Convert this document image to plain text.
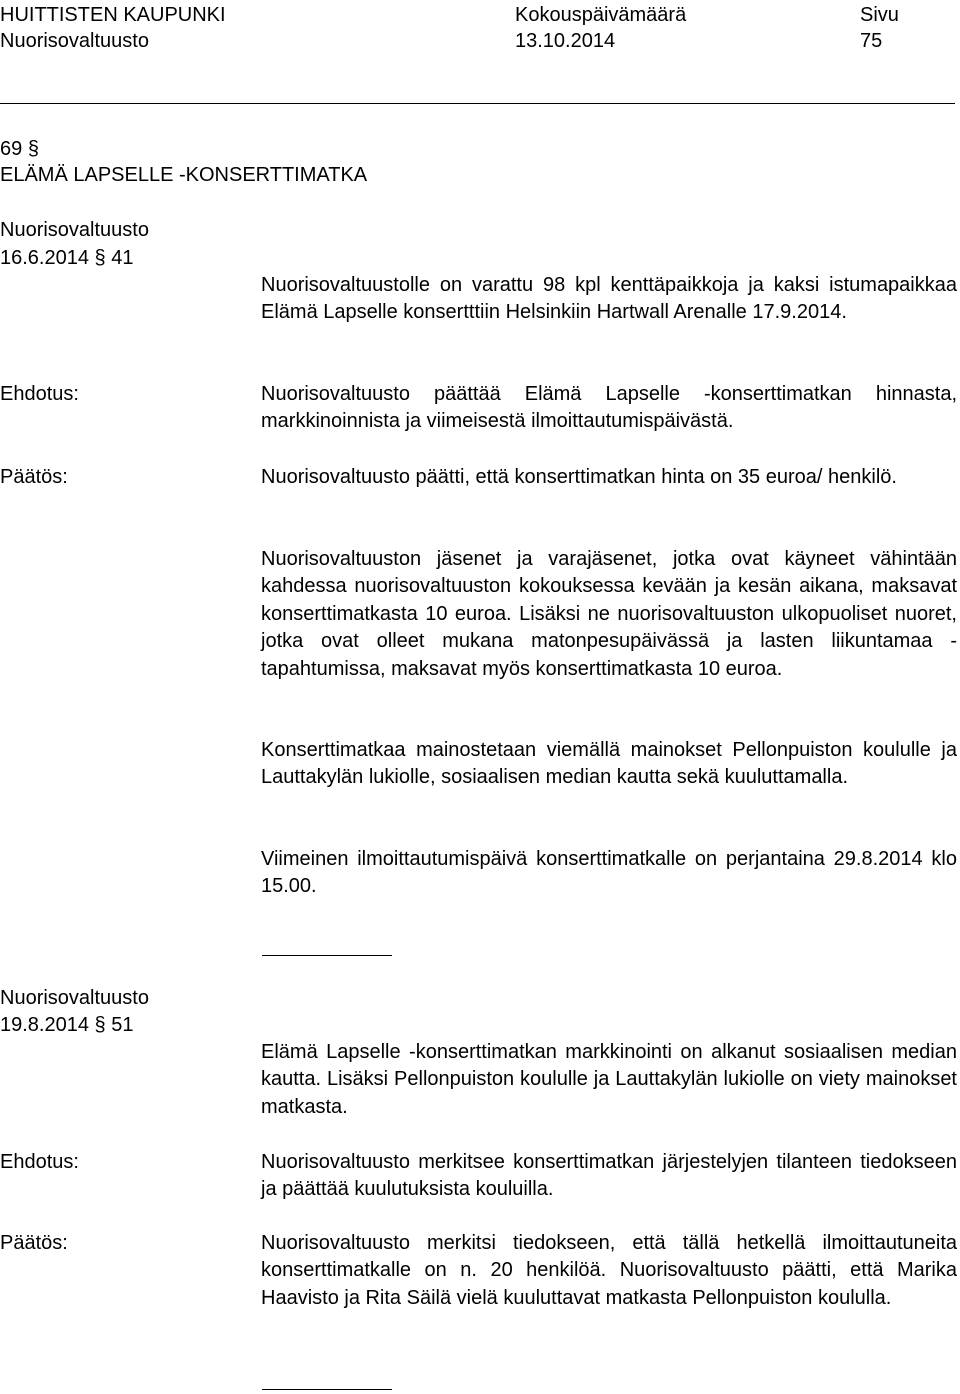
HUITTISTEN KAUPUNKI
Nuorisovaltuusto
Kokouspäivämäärä
13.10.2014
Sivu
75
69 §
ELÄMÄ LAPSELLE -KONSERTTIMATKA
Nuorisovaltuusto
16.6.2014 § 41
Nuorisovaltuustolle on varattu 98 kpl kenttäpaikkoja ja kaksi istumapaikkaa Elämä Lapselle konsertttiin Helsinkiin Hartwall Arenalle 17.9.2014.
Ehdotus:	Nuorisovaltuusto päättää Elämä Lapselle -konserttimatkan hinnasta, markkinoinnista ja viimeisestä ilmoittautumispäivästä.
Päätös:	Nuorisovaltuusto päätti, että konserttimatkan hinta on 35 euroa/ henkilö.
Nuorisovaltuuston jäsenet ja varajäsenet, jotka ovat käyneet vähintään kahdessa nuorisovaltuuston kokouksessa kevään ja kesän aikana, maksavat konserttimatkasta 10 euroa. Lisäksi ne nuorisovaltuuston ulkopuoliset nuoret, jotka ovat olleet mukana matonpesupäivässä ja lasten liikuntamaa -tapahtumissa, maksavat myös konserttimatkasta 10 euroa.
Konserttimatkaa mainostetaan viemällä mainokset Pellonpuiston koululle ja Lauttakylän lukiolle, sosiaalisen median kautta sekä kuuluttamalla.
Viimeinen ilmoittautumispäivä konserttimatkalle on perjantaina 29.8.2014 klo 15.00.
Nuorisovaltuusto
19.8.2014 § 51
Elämä Lapselle -konserttimatkan markkinointi on alkanut sosiaalisen median kautta. Lisäksi Pellonpuiston koululle ja Lauttakylän lukiolle on viety mainokset matkasta.
Ehdotus:	Nuorisovaltuusto merkitsee konserttimatkan järjestelyjen tilanteen tiedokseen ja päättää kuulutuksista kouluilla.
Päätös:	Nuorisovaltuusto merkitsi tiedokseen, että tällä hetkellä ilmoittautuneita konserttimatkalle on n. 20 henkilöä. Nuorisovaltuusto päätti, että Marika Haavisto ja Rita Säilä vielä kuuluttavat matkasta Pellonpuiston koululla.
